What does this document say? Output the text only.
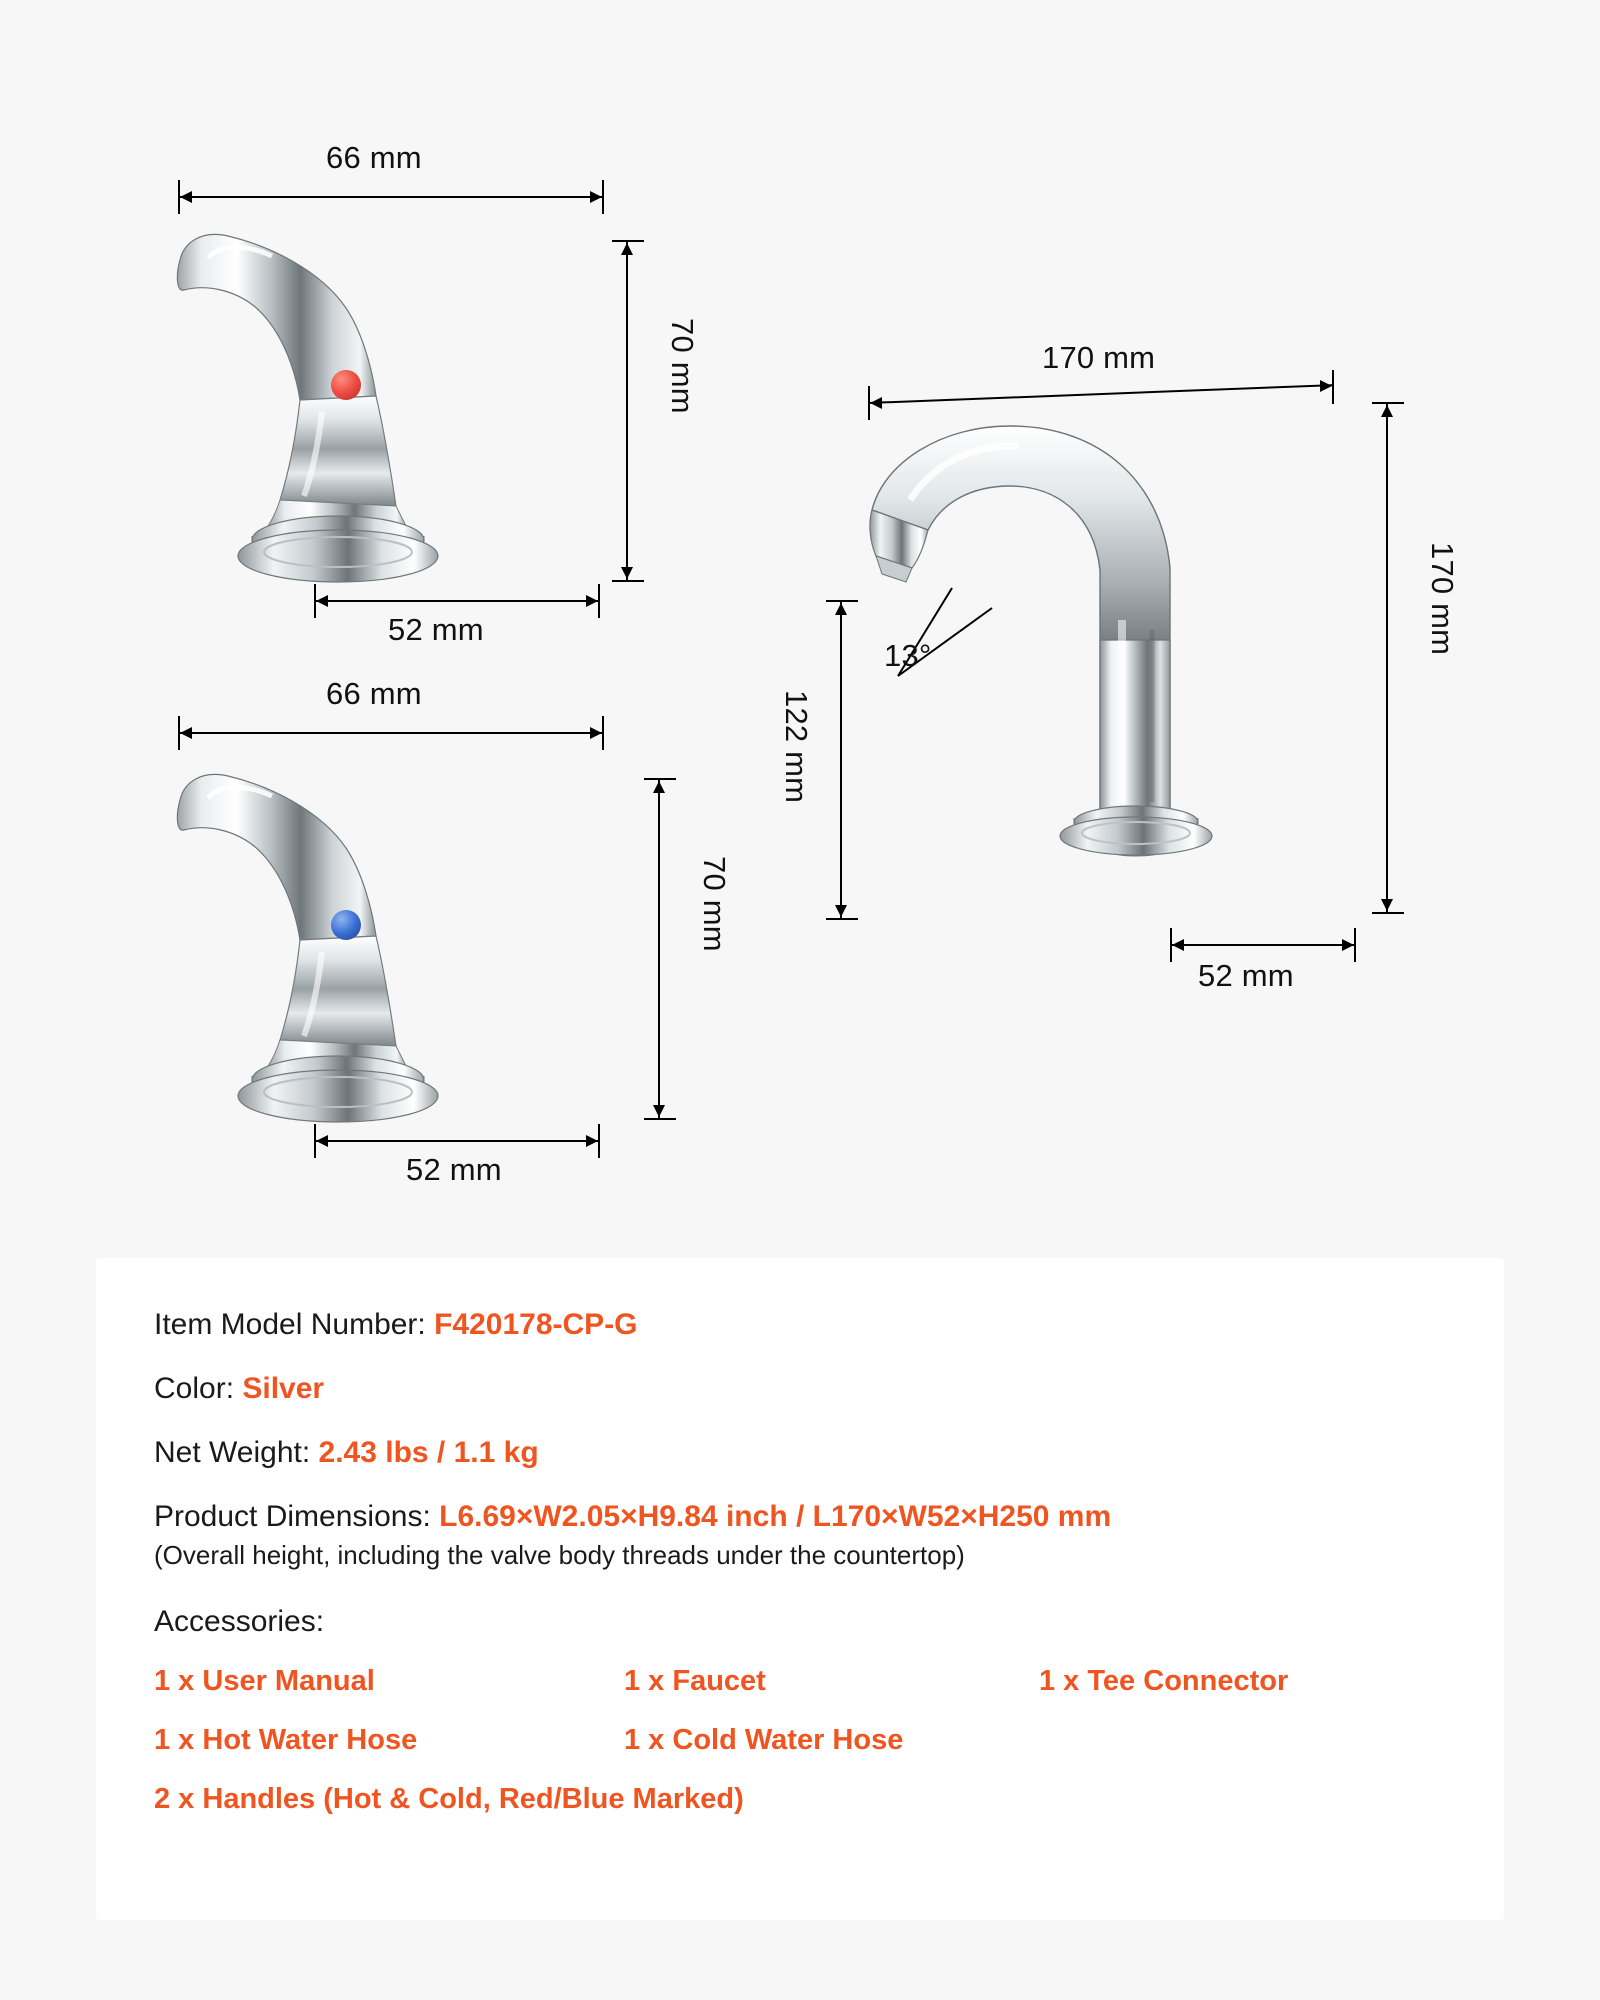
66 mm
70 mm
52 mm
66 mm
70 mm
52 mm
170 mm
170 mm
122 mm
13°
52 mm
Item Model Number: F420178-CP-G
Color: Silver
Net Weight: 2.43 lbs / 1.1 kg
Product Dimensions: L6.69×W2.05×H9.84 inch / L170×W52×H250 mm
(Overall height, including the valve body threads under the countertop)
Accessories:
1 x User Manual	1 x Faucet	1 x Tee Connector
1 x Hot Water Hose	1 x Cold Water Hose
2 x Handles (Hot & Cold, Red/Blue Marked)
